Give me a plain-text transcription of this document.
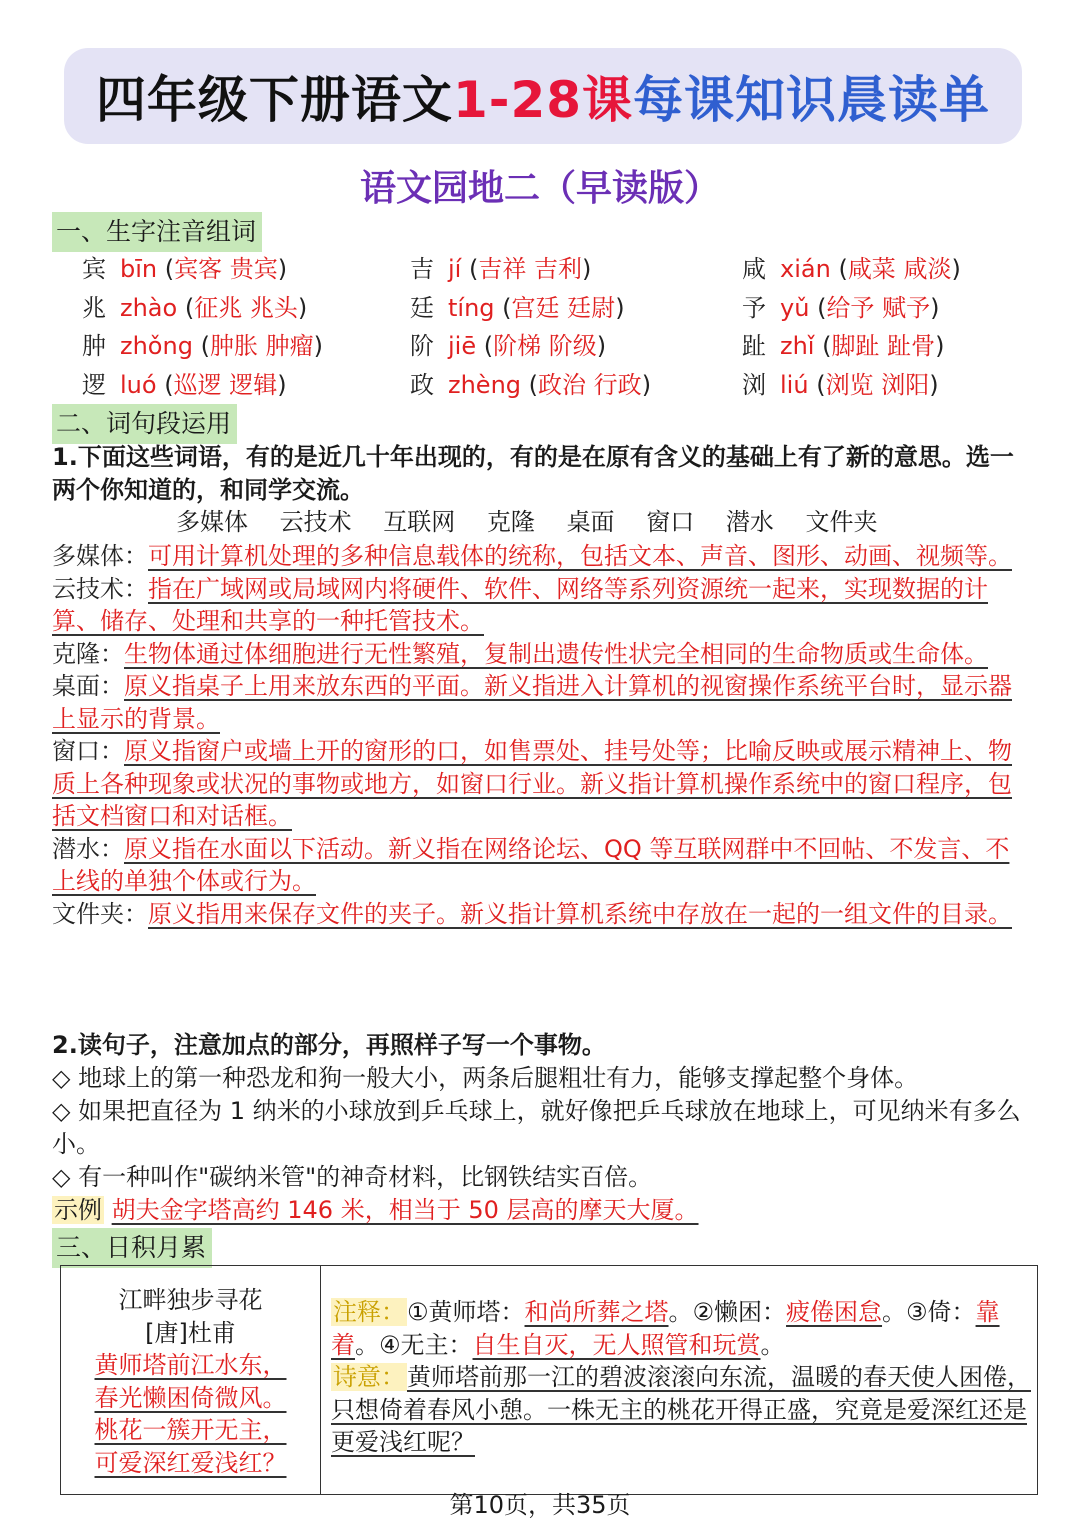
四年级下册语文 1-28课 每课知识晨读单
语文园地二（早读版）
一、生字注音组词
宾 bīn (宾客 贵宾)	吉 jí (吉祥 吉利)	咸 xián (咸菜 咸淡)
兆 zhào (征兆 兆头)	廷 tíng (宫廷 廷尉)	予 yǔ (给予 赋予)
肿 zhǒng (肿胀 肿瘤)	阶 jiē (阶梯 阶级)	趾 zhǐ (脚趾 趾骨)
逻 luó (巡逻 逻辑)	政 zhèng (政治 行政)	浏 liú (浏览 浏阳)
二、词句段运用
1.下面这些词语，有的是近几十年出现的，有的是在原有含义的基础上有了新的意思。选一两个你知道的，和同学交流。
多媒体 云技术 互联网 克隆 桌面 窗口 潜水 文件夹
多媒体：可用计算机处理的多种信息载体的统称，包括文本、声音、图形、动画、视频等。
云技术：指在广域网或局域网内将硬件、软件、网络等系列资源统一起来，实现数据的计算、储存、处理和共享的一种托管技术。
克隆：生物体通过体细胞进行无性繁殖，复制出遗传性状完全相同的生命物质或生命体。
桌面：原义指桌子上用来放东西的平面。新义指进入计算机的视窗操作系统平台时，显示器上显示的背景。
窗口：原义指窗户或墙上开的窗形的口，如售票处、挂号处等；比喻反映或展示精神上、物质上各种现象或状况的事物或地方，如窗口行业。新义指计算机操作系统中的窗口程序，包括文档窗口和对话框。
潜水：原义指在水面以下活动。新义指在网络论坛、QQ 等互联网群中不回帖、不发言、不上线的单独个体或行为。
文件夹：原义指用来保存文件的夹子。新义指计算机系统中存放在一起的一组文件的目录。
2.读句子，注意加点的部分，再照样子写一个事物。
◇ 地球上的第一种恐龙和狗一般大小，两条后腿粗壮有力，能够支撑起整个身体。
◇ 如果把直径为 1 纳米的小球放到乒乓球上，就好像把乒乓球放在地球上，可见纳米有多么小。
◇ 有一种叫作"碳纳米管"的神奇材料，比钢铁结实百倍。
示例 胡夫金字塔高约 146 米，相当于 50 层高的摩天大厦。
三、日积月累
江畔独步寻花
[唐]杜甫
黄师塔前江水东，
春光懒困倚微风。
桃花一簇开无主，
可爱深红爱浅红？
注释：①黄师塔：和尚所葬之塔。②懒困：疲倦困怠。③倚：靠着。④无主：自生自灭，无人照管和玩赏。
诗意：黄师塔前那一江的碧波滚滚向东流，温暖的春天使人困倦，只想倚着春风小憩。一株无主的桃花开得正盛，究竟是爱深红还是更爱浅红呢？
第10页，共35页
